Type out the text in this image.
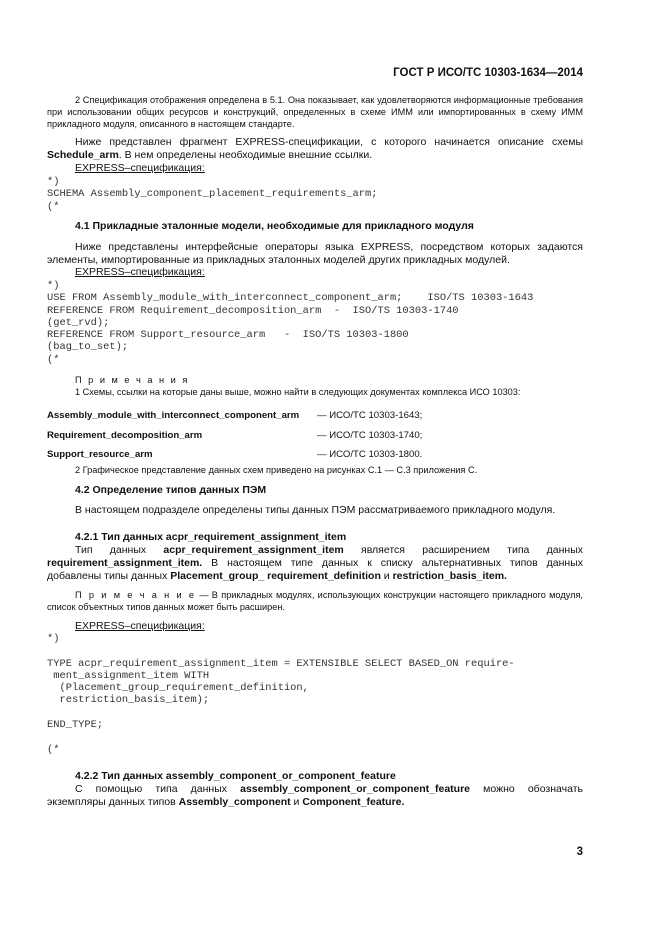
ГОСТ Р ИСО/ТС 10303-1634—2014

2 Спецификация отображения определена в 5.1. Она показывает, как удовлетворяются информационные требования при использовании общих ресурсов и конструкций, определенных в схеме ИММ или импортированных в схему ИММ прикладного модуля, описанного в настоящем стандарте.

Ниже представлен фрагмент EXPRESS-спецификации, с которого начинается описание схемы Schedule_arm. В нем определены необходимые внешние ссылки.

EXPRESS–спецификация:

*)
SCHEMA Assembly_component_placement_requirements_arm;
(*

4.1 Прикладные эталонные модели, необходимые для прикладного модуля

Ниже представлены интерфейсные операторы языка EXPRESS, посредством которых задаются элементы, импортированные из прикладных эталонных моделей других прикладных модулей.

EXPRESS–спецификация:

*)
USE FROM Assembly_module_with_interconnect_component_arm;    ISO/TS 10303-1643
REFERENCE FROM Requirement_decomposition_arm  -  ISO/TS 10303-1740
(get_rvd);
REFERENCE FROM Support_resource_arm   -  ISO/TS 10303-1800
(bag_to_set);
(*

П р и м е ч а н и я

1 Схемы, ссылки на которые даны выше, можно найти в следующих документах комплекса ИСО 10303:

Assembly_module_with_interconnect_component_arm — ИСО/ТС 10303-1643;
Requirement_decomposition_arm	— ИСО/ТС 10303-1740;
Support_resource_arm	— ИСО/ТС 10303-1800.

2 Графическое представление данных схем приведено на рисунках С.1 — С.3 приложения С.

4.2 Определение типов данных ПЭМ

В настоящем подразделе определены типы данных ПЭМ рассматриваемого прикладного модуля.

4.2.1 Тип данных acpr_requirement_assignment_item

Тип данных acpr_requirement_assignment_item является расширением типа данных requirement_assignment_item. В настоящем типе данных к списку альтернативных типов данных добавлены типы данных Placement_group_ requirement_definition и restriction_basis_item.

П р и м е ч а н и е — В прикладных модулях, использующих конструкции настоящего прикладного модуля, список объектных типов данных может быть расширен.

EXPRESS–спецификация:

*)

TYPE acpr_requirement_assignment_item = EXTENSIBLE SELECT BASED_ON require-
ment_assignment_item WITH
(Placement_group_requirement_definition,
restriction_basis_item);

END_TYPE;

(*

4.2.2 Тип данных assembly_component_or_component_feature

С помощью типа данных assembly_component_or_component_feature можно обозначать экземпляры данных типов Assembly_component и Component_feature.

3
